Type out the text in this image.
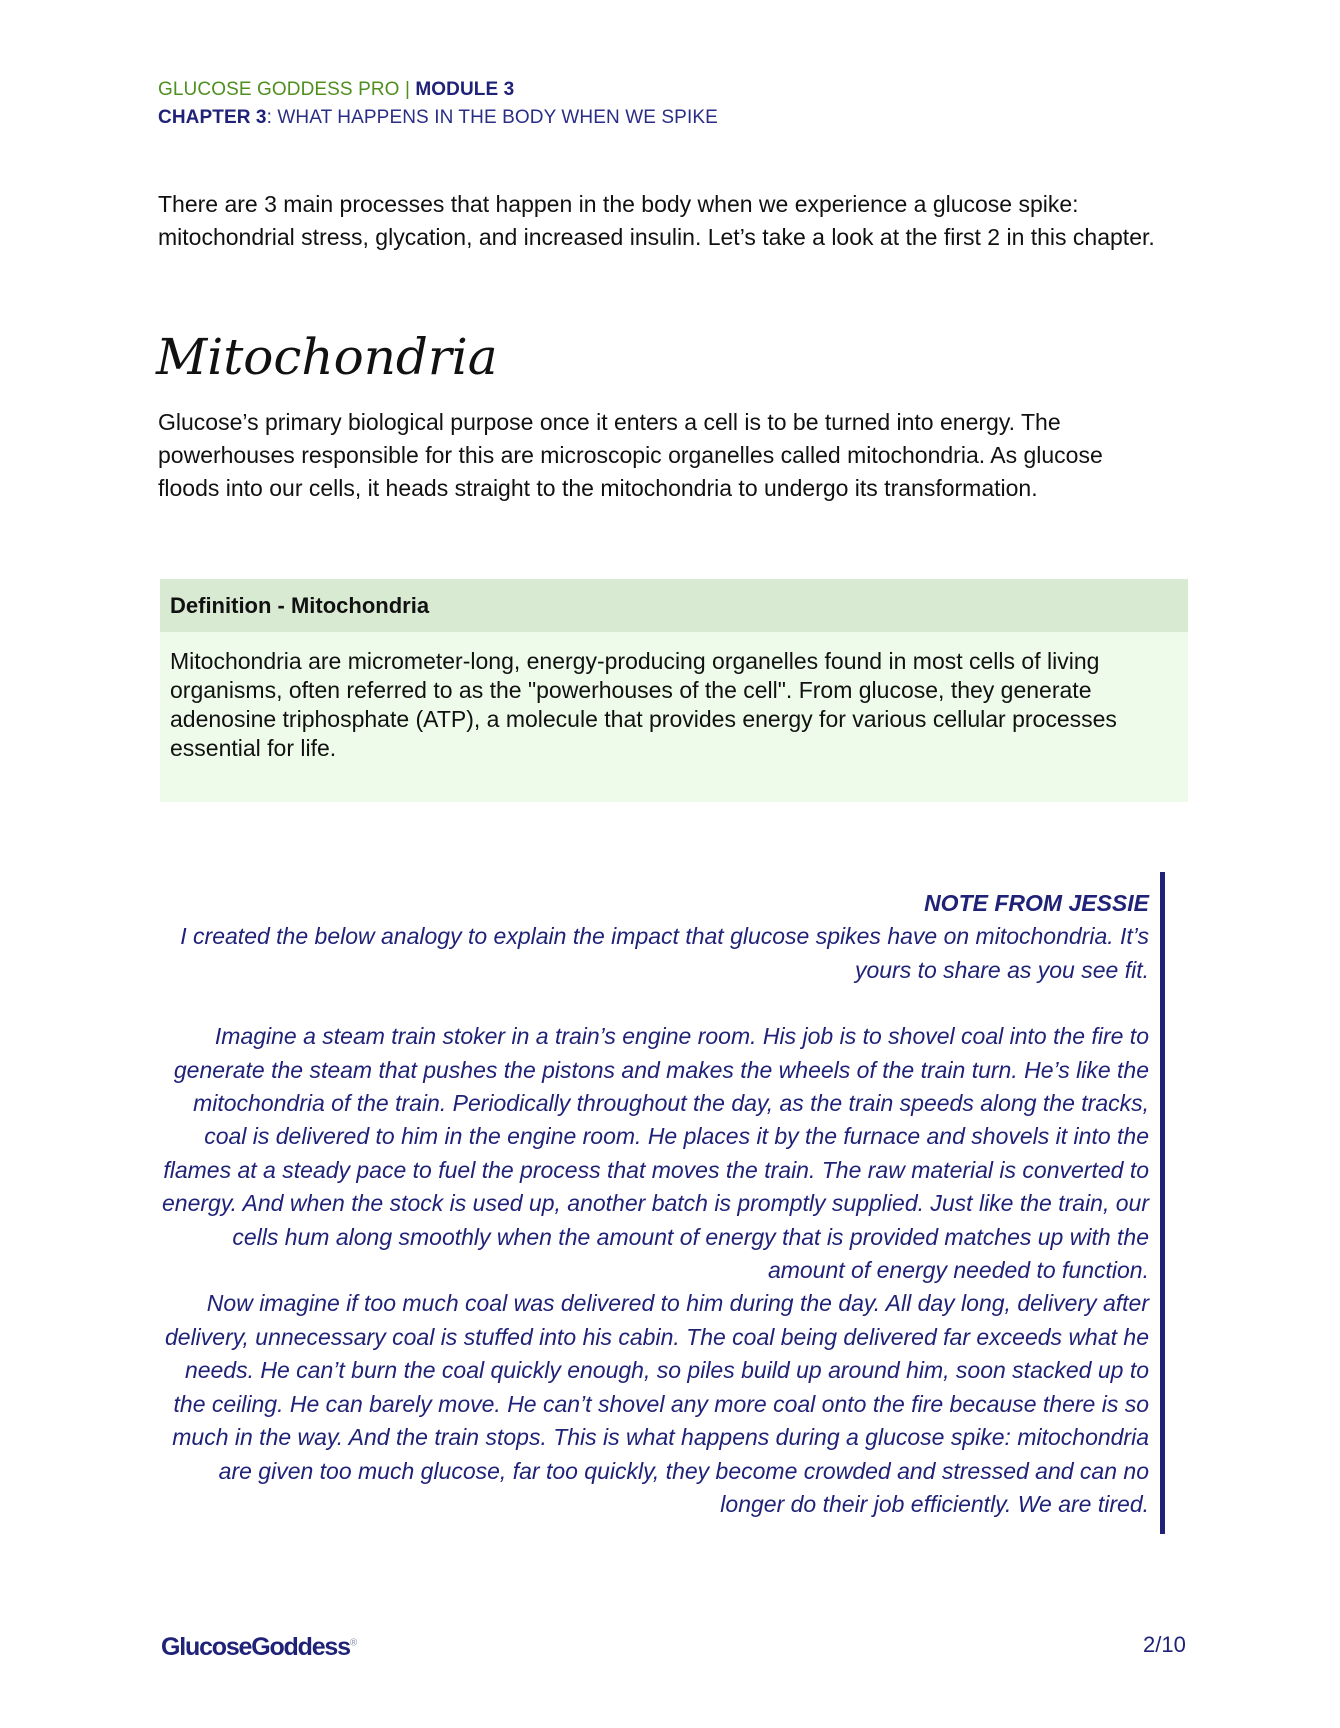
GLUCOSE GODDESS PRO | MODULE 3
CHAPTER 3: WHAT HAPPENS IN THE BODY WHEN WE SPIKE

There are 3 main processes that happen in the body when we experience a glucose spike: mitochondrial stress, glycation, and increased insulin. Let’s take a look at the first 2 in this chapter.

Mitochondria

Glucose’s primary biological purpose once it enters a cell is to be turned into energy. The powerhouses responsible for this are microscopic organelles called mitochondria. As glucose floods into our cells, it heads straight to the mitochondria to undergo its transformation.

Definition - Mitochondria
Mitochondria are micrometer-long, energy-producing organelles found in most cells of living organisms, often referred to as the "powerhouses of the cell". From glucose, they generate adenosine triphosphate (ATP), a molecule that provides energy for various cellular processes essential for life.
NOTE FROM JESSIE
I created the below analogy to explain the impact that glucose spikes have on mitochondria. It’s yours to share as you see fit.
Imagine a steam train stoker in a train’s engine room. His job is to shovel coal into the fire to generate the steam that pushes the pistons and makes the wheels of the train turn. He’s like the mitochondria of the train. Periodically throughout the day, as the train speeds along the tracks, coal is delivered to him in the engine room. He places it by the furnace and shovels it into the flames at a steady pace to fuel the process that moves the train. The raw material is converted to energy. And when the stock is used up, another batch is promptly supplied. Just like the train, our cells hum along smoothly when the amount of energy that is provided matches up with the amount of energy needed to function.
Now imagine if too much coal was delivered to him during the day. All day long, delivery after delivery, unnecessary coal is stuffed into his cabin. The coal being delivered far exceeds what he needs. He can’t burn the coal quickly enough, so piles build up around him, soon stacked up to the ceiling. He can barely move. He can’t shovel any more coal onto the fire because there is so much in the way. And the train stops. This is what happens during a glucose spike: mitochondria are given too much glucose, far too quickly, they become crowded and stressed and can no longer do their job efficiently. We are tired.
GlucoseGoddess®	2/10
